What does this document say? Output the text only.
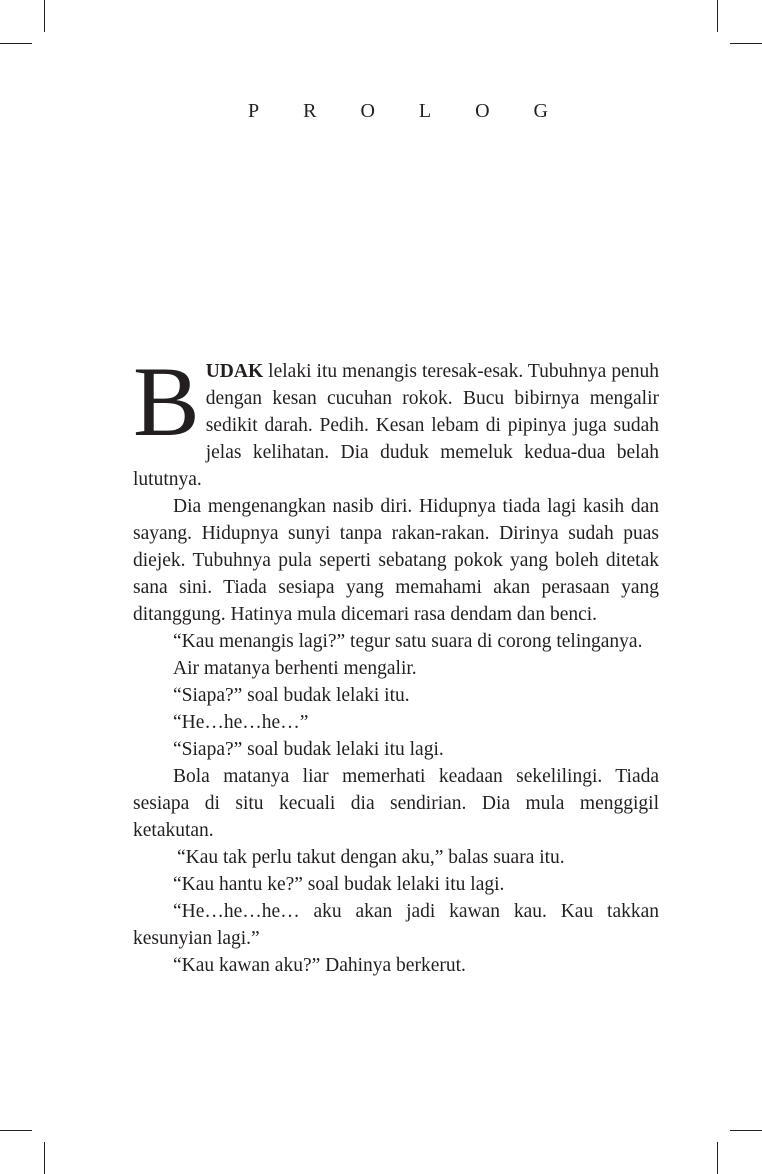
P R O L O G

BUDAK lelaki itu menangis teresak-esak. Tubuhnya penuh dengan kesan cucuhan rokok. Bucu bibirnya mengalir sedikit darah. Pedih. Kesan lebam di pipinya juga sudah jelas kelihatan. Dia duduk memeluk kedua-dua belah lututnya.

Dia mengenangkan nasib diri. Hidupnya tiada lagi kasih dan sayang. Hidupnya sunyi tanpa rakan-rakan. Dirinya sudah puas diejek. Tubuhnya pula seperti sebatang pokok yang boleh ditetak sana sini. Tiada sesiapa yang memahami akan perasaan yang ditanggung. Hatinya mula dicemari rasa dendam dan benci.

“Kau menangis lagi?” tegur satu suara di corong telinganya.

Air matanya berhenti mengalir.

“Siapa?” soal budak lelaki itu.

“He…he…he…”

“Siapa?” soal budak lelaki itu lagi.

Bola matanya liar memerhati keadaan sekelilingi. Tiada sesiapa di situ kecuali dia sendirian. Dia mula menggigil ketakutan.

“Kau tak perlu takut dengan aku,” balas suara itu.

“Kau hantu ke?” soal budak lelaki itu lagi.

“He…he…he… aku akan jadi kawan kau. Kau takkan kesunyian lagi.”

“Kau kawan aku?” Dahinya berkerut.
